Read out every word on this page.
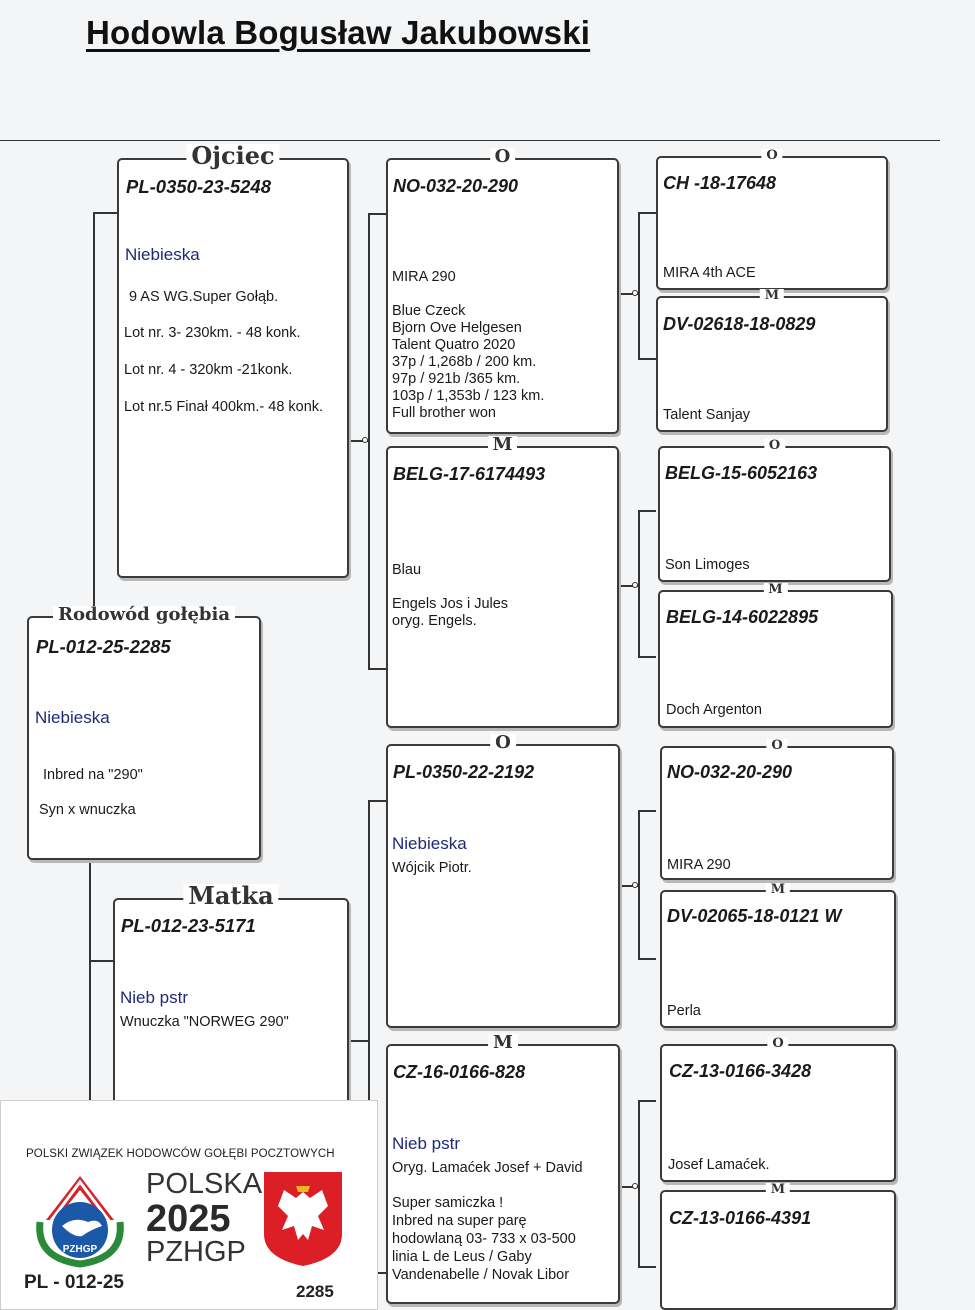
Hodowla Bogusław Jakubowski
Ojciec
PL-0350-23-5248
Niebieska
9 AS WG.Super Gołąb.
Lot nr. 3- 230km. - 48 konk.
Lot nr. 4 - 320km -21konk.
Lot nr.5 Finał 400km.- 48 konk.
Rodowód gołębia
PL-012-25-2285
Niebieska
Inbred na "290"
Syn x wnuczka
Matka
PL-012-23-5171
Nieb pstr
Wnuczka "NORWEG 290"
O
NO-032-20-290
MIRA 290
Blue Czeck
Bjorn Ove Helgesen
Talent Quatro 2020
37p / 1,268b / 200 km.
97p / 921b /365 km.
103p / 1,353b / 123 km.
Full brother won
M
BELG-17-6174493
Blau
Engels Jos i Jules
oryg. Engels.
O
PL-0350-22-2192
Niebieska
Wójcik Piotr.
M
CZ-16-0166-828
Nieb pstr
Oryg. Lamaćek Josef + David
Super samiczka !
Inbred na super parę
hodowlaną 03- 733 x 03-500
linia L de Leus / Gaby
Vandenabelle / Novak Libor
O
CH -18-17648
MIRA 4th ACE
M
DV-02618-18-0829
Talent Sanjay
O
BELG-15-6052163
Son Limoges
M
BELG-14-6022895
Doch Argenton
O
NO-032-20-290
MIRA 290
M
DV-02065-18-0121 W
Perla
O
CZ-13-0166-3428
Josef Lamaćek.
M
CZ-13-0166-4391
POLSKI ZWIĄZEK HODOWCÓW GOŁĘBI POCZTOWYCH
PZHGP
POLSKA
2025
PZHGP
PL - 012-25	2285
